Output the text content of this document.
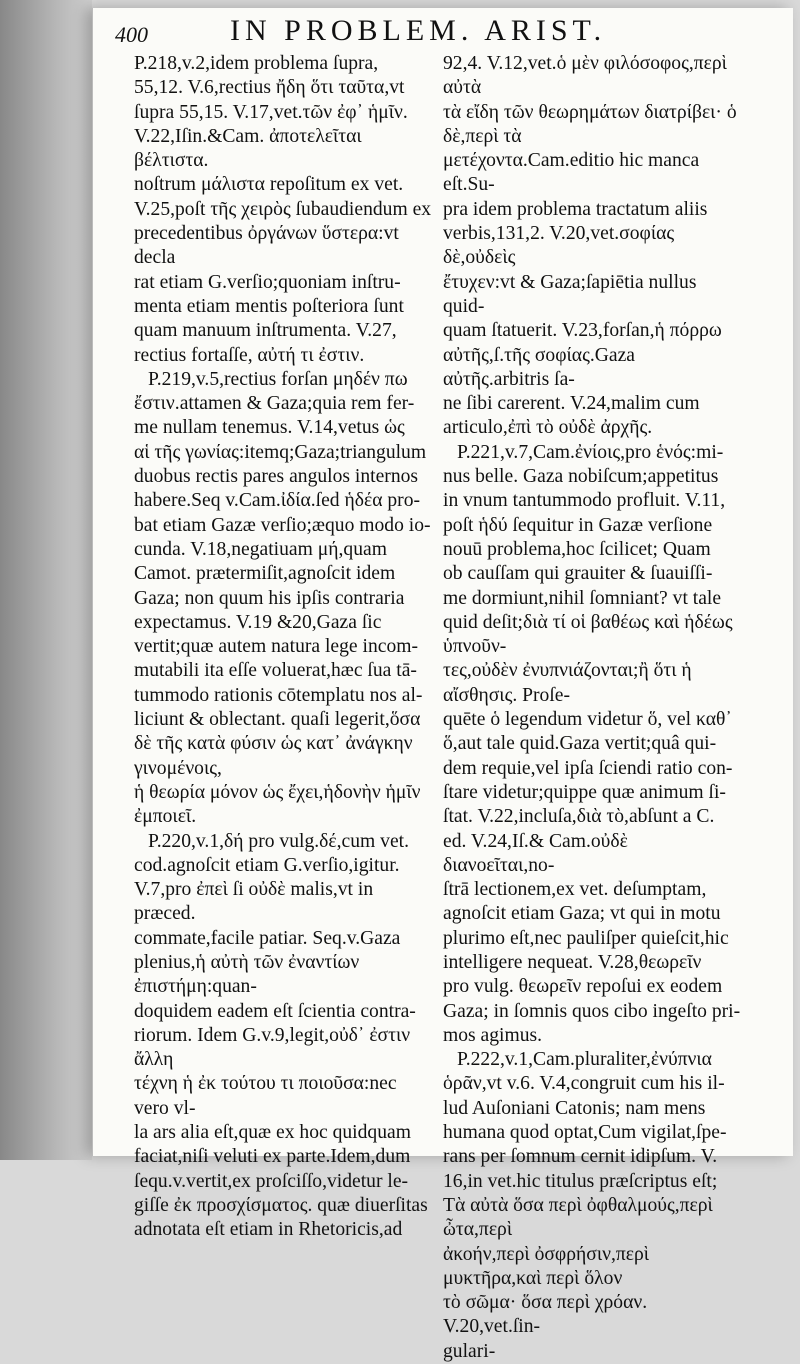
400	IN PROBLEM. ARIST.

P.218,v.2,idem problema ſupra,
55,12. V.6,rectius ἤδη ὅτι ταῦτα,vt
ſupra 55,15. V.17,vet.τῶν ἐφ᾽ ἡμῖν.
V.22,Iſin.&Cam. ἀποτελεῖται βέλτιστα.
noſtrum μάλιστα repoſitum ex vet.
V.25,poſt τῆς χειρὸς ſubaudiendum ex
precedentibus ὀργάνων ὕστερα:vt decla
rat etiam G.verſio;quoniam inſtru-
menta etiam mentis poſteriora ſunt
quam manuum inſtrumenta. V.27,
rectius fortaſſe, αὐτή τι ἐστιν.

P.219,v.5,rectius forſan μηδέν πω
ἔστιν.attamen & Gaza;quia rem fer-
me nullam tenemus. V.14,vetus ὡς
αἱ τῆς γωνίας:itemq;Gaza;triangulum
duobus rectis pares angulos internos
habere.Seq v.Cam.ἰδία.ſed ἡδέα pro-
bat etiam Gazæ verſio;æquo modo io-
cunda. V.18,negatiuam μή,quam
Camot. prætermiſit,agnoſcit idem
Gaza; non quum his ipſis contraria
expectamus. V.19 &20,Gaza ſic
vertit;quæ autem natura lege incom-
mutabili ita eſſe voluerat,hæc ſua tā-
tummodo rationis cōtemplatu nos al-
liciunt & oblectant. quaſi legerit,ὅσα
δὲ τῆς κατὰ φύσιν ὡς κατ᾽ ἀνάγκην γινομένοις,
ἡ θεωρία μόνον ὡς ἔχει,ἡδονὴν ἡμῖν ἐμποιεῖ.

P.220,v.1,δή pro vulg.δέ,cum vet.
cod.agnoſcit etiam G.verſio,igitur.
V.7,pro ἐπεὶ ſi οὐδὲ malis,vt in præced.
commate,facile patiar. Seq.v.Gaza
plenius,ἡ αὐτὴ τῶν ἐναντίων ἐπιστήμη:quan-
doquidem eadem eſt ſcientia contra-
riorum. Idem G.v.9,legit,οὐδ᾽ ἐστιν ἄλλη
τέχνη ἡ ἐκ τούτου τι ποιοῦσα:nec vero vl-
la ars alia eſt,quæ ex hoc quidquam
faciat,niſi veluti ex parte.Idem,dum
ſequ.v.vertit,ex proſciſſo,videtur le-
giſſe ἐκ προσχίσματος. quæ diuerſitas
adnotata eſt etiam in Rhetoricis,ad

92,4. V.12,vet.ὁ μὲν φιλόσοφος,περὶ αὐτὰ
τὰ εἴδη τῶν θεωρημάτων διατρίβει· ὁ δὲ,περὶ τὰ
μετέχοντα.Cam.editio hic manca eſt.Su-
pra idem problema tractatum aliis
verbis,131,2. V.20,vet.σοφίας δὲ,οὐδεὶς
ἔτυχεν:vt & Gaza;ſapiētia nullus quid-
quam ſtatuerit. V.23,forſan,ἡ πόρρω
αὐτῆς,ſ.τῆς σοφίας.Gaza αὐτῆς.arbitris ſa-
ne ſibi carerent. V.24,malim cum
articulo,ἐπὶ τὸ οὐδὲ ἀρχῆς.

P.221,v.7,Cam.ἐνίοις,pro ἑνός:mi-
nus belle. Gaza nobiſcum;appetitus
in vnum tantummodo profluit. V.11,
poſt ἡδύ ſequitur in Gazæ verſione
nouū problema,hoc ſcilicet; Quam
ob cauſſam qui grauiter & ſuauiſſi-
me dormiunt,nihil ſomniant? vt tale
quid deſit;διὰ τί οἱ βαθέως καὶ ἡδέως ὑπνοῦν-
τες,οὐδὲν ἐνυπνιάζονται;ἢ ὅτι ἡ αἴσθησις. Proſe-
quēte ὁ legendum videtur ὅ, vel καθ᾽
ὅ,aut tale quid.Gaza vertit;quâ qui-
dem requie,vel ipſa ſciendi ratio con-
ſtare videtur;quippe quæ animum ſi-
ſtat. V.22,incluſa,διὰ τὸ,abſunt a C.
ed. V.24,Iſ.& Cam.οὐδὲ διανοεῖται,no-
ſtrā lectionem,ex vet. deſumptam,
agnoſcit etiam Gaza; vt qui in motu
plurimo eſt,nec pauliſper quieſcit,hic
intelligere nequeat. V.28,θεωρεῖν
pro vulg. θεωρεῖν repoſui ex eodem
Gaza; in ſomnis quos cibo ingeſto pri-
mos agimus.

P.222,v.1,Cam.pluraliter,ἐνύπνια
ὁρᾶν,vt v.6. V.4,congruit cum his il-
lud Auſoniani Catonis; nam mens
humana quod optat,Cum vigilat,ſpe-
rans per ſomnum cernit idipſum. V.
16,in vet.hic titulus præſcriptus eſt;
Τὰ αὐτὰ ὅσα περὶ ὀφθαλμούς,περὶ ὦτα,περὶ
ἀκοήν,περὶ ὀσφρήσιν,περὶ μυκτῆρα,καὶ περὶ ὅλον
τὸ σῶμα· ὅσα περὶ χρόαν. V.20,vet.ſin-
gulari-
